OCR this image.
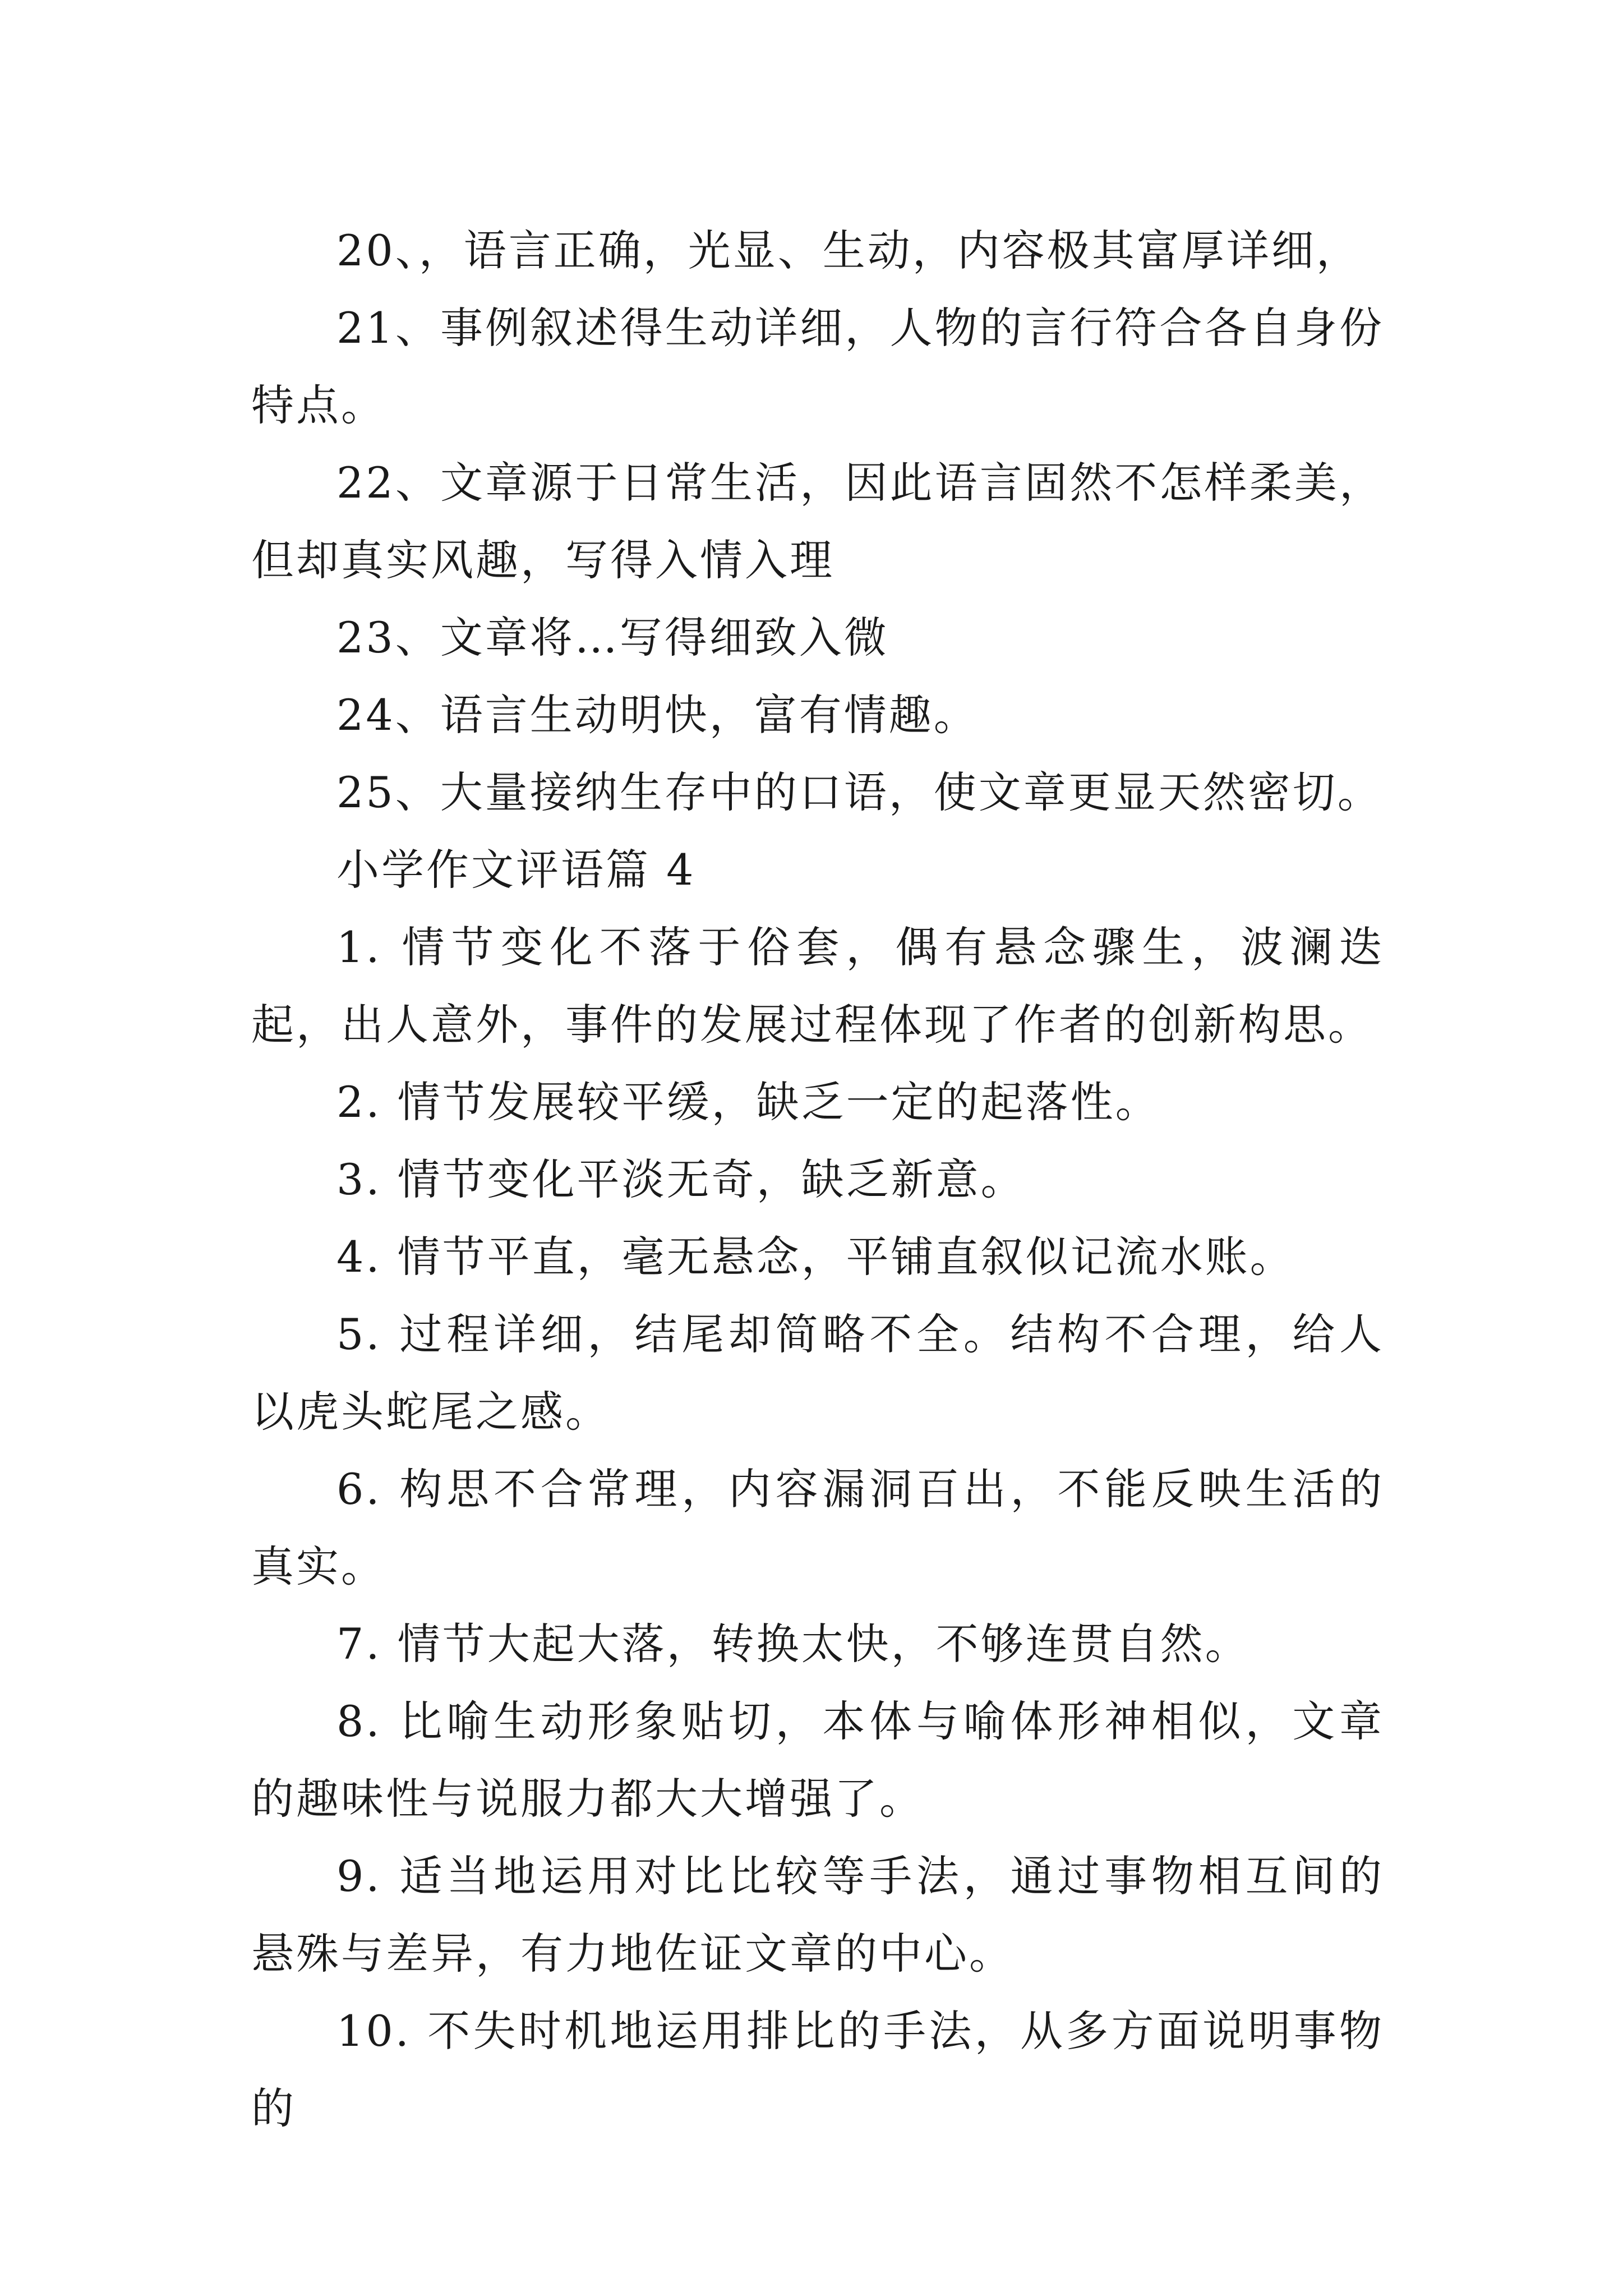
20、，语言正确，光显、生动，内容极其富厚详细，

21、事例叙述得生动详细，人物的言行符合各自身份特点。

22、文章源于日常生活，因此语言固然不怎样柔美，但却真实风趣，写得入情入理

23、文章将…写得细致入微

24、语言生动明快，富有情趣。

25、大量接纳生存中的口语，使文章更显天然密切。

小学作文评语篇 4

1. 情节变化不落于俗套，偶有悬念骤生，波澜迭起，出人意外，事件的发展过程体现了作者的创新构思。

2. 情节发展较平缓，缺乏一定的起落性。

3. 情节变化平淡无奇，缺乏新意。

4. 情节平直，毫无悬念，平铺直叙似记流水账。

5. 过程详细，结尾却简略不全。结构不合理，给人以虎头蛇尾之感。

6. 构思不合常理，内容漏洞百出，不能反映生活的真实。

7. 情节大起大落，转换太快，不够连贯自然。

8. 比喻生动形象贴切，本体与喻体形神相似，文章的趣味性与说服力都大大增强了。

9. 适当地运用对比比较等手法，通过事物相互间的悬殊与差异，有力地佐证文章的中心。

10. 不失时机地运用排比的手法，从多方面说明事物的
